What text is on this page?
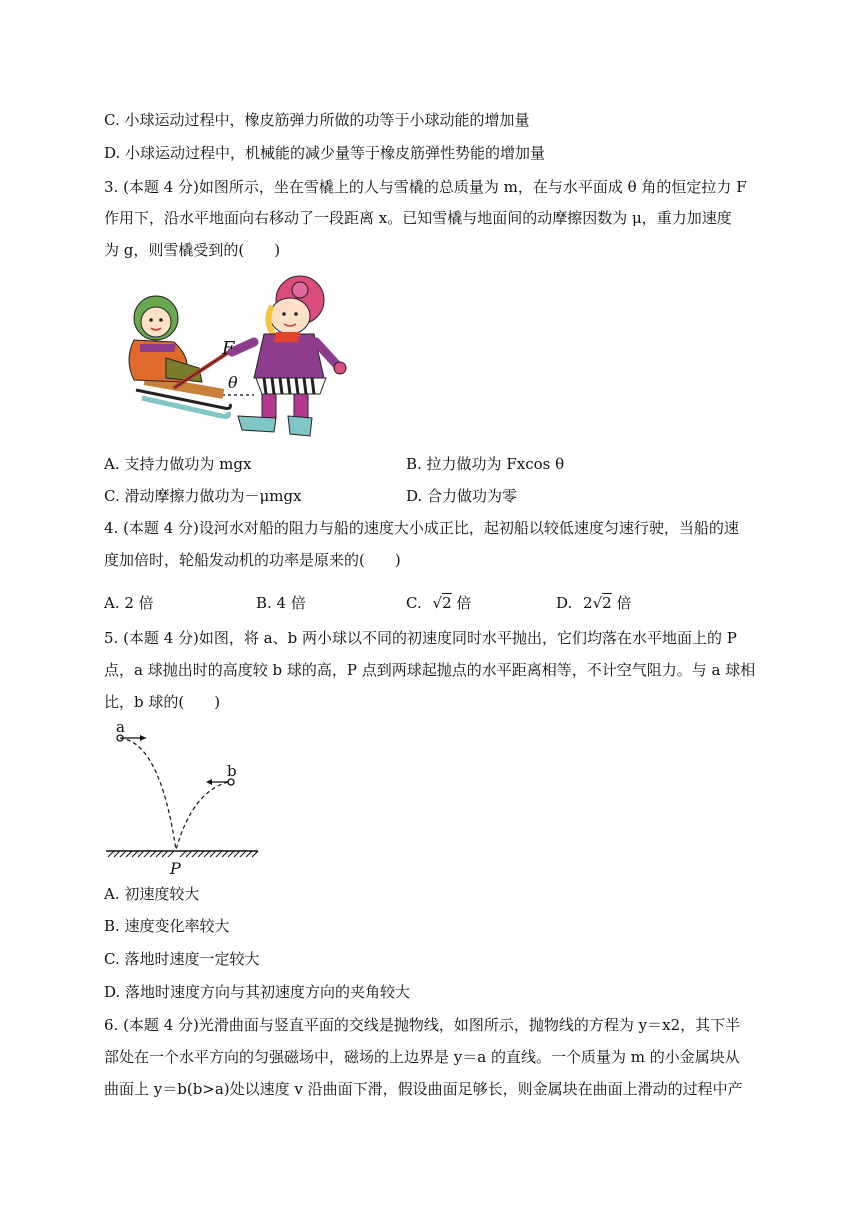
C. 小球运动过程中，橡皮筋弹力所做的功等于小球动能的增加量
D. 小球运动过程中，机械能的减少量等于橡皮筋弹性势能的增加量
3. (本题 4 分)如图所示，坐在雪橇上的人与雪橇的总质量为 m，在与水平面成 θ 角的恒定拉力 F
作用下，沿水平地面向右移动了一段距离 x。已知雪橇与地面间的动摩擦因数为 μ，重力加速度
为 g，则雪橇受到的(　　)
F
θ
A. 支持力做功为 mgx	B. 拉力做功为 Fxcos θ
C. 滑动摩擦力做功为－μmgx	D. 合力做功为零
4. (本题 4 分)设河水对船的阻力与船的速度大小成正比，起初船以较低速度匀速行驶，当船的速
度加倍时，轮船发动机的功率是原来的(　　)
A. 2 倍	B. 4 倍	C. √2 倍	D. 2√2 倍
5. (本题 4 分)如图，将 a、b 两小球以不同的初速度同时水平抛出，它们均落在水平地面上的 P
点，a 球抛出时的高度较 b 球的高，P 点到两球起抛点的水平距离相等，不计空气阻力。与 a 球相
比，b 球的(　　)
a
b
P
A. 初速度较大
B. 速度变化率较大
C. 落地时速度一定较大
D. 落地时速度方向与其初速度方向的夹角较大
6. (本题 4 分)光滑曲面与竖直平面的交线是抛物线，如图所示，抛物线的方程为 y＝x2，其下半
部处在一个水平方向的匀强磁场中，磁场的上边界是 y＝a 的直线。一个质量为 m 的小金属块从
曲面上 y＝b(b>a)处以速度 v 沿曲面下滑，假设曲面足够长，则金属块在曲面上滑动的过程中产
